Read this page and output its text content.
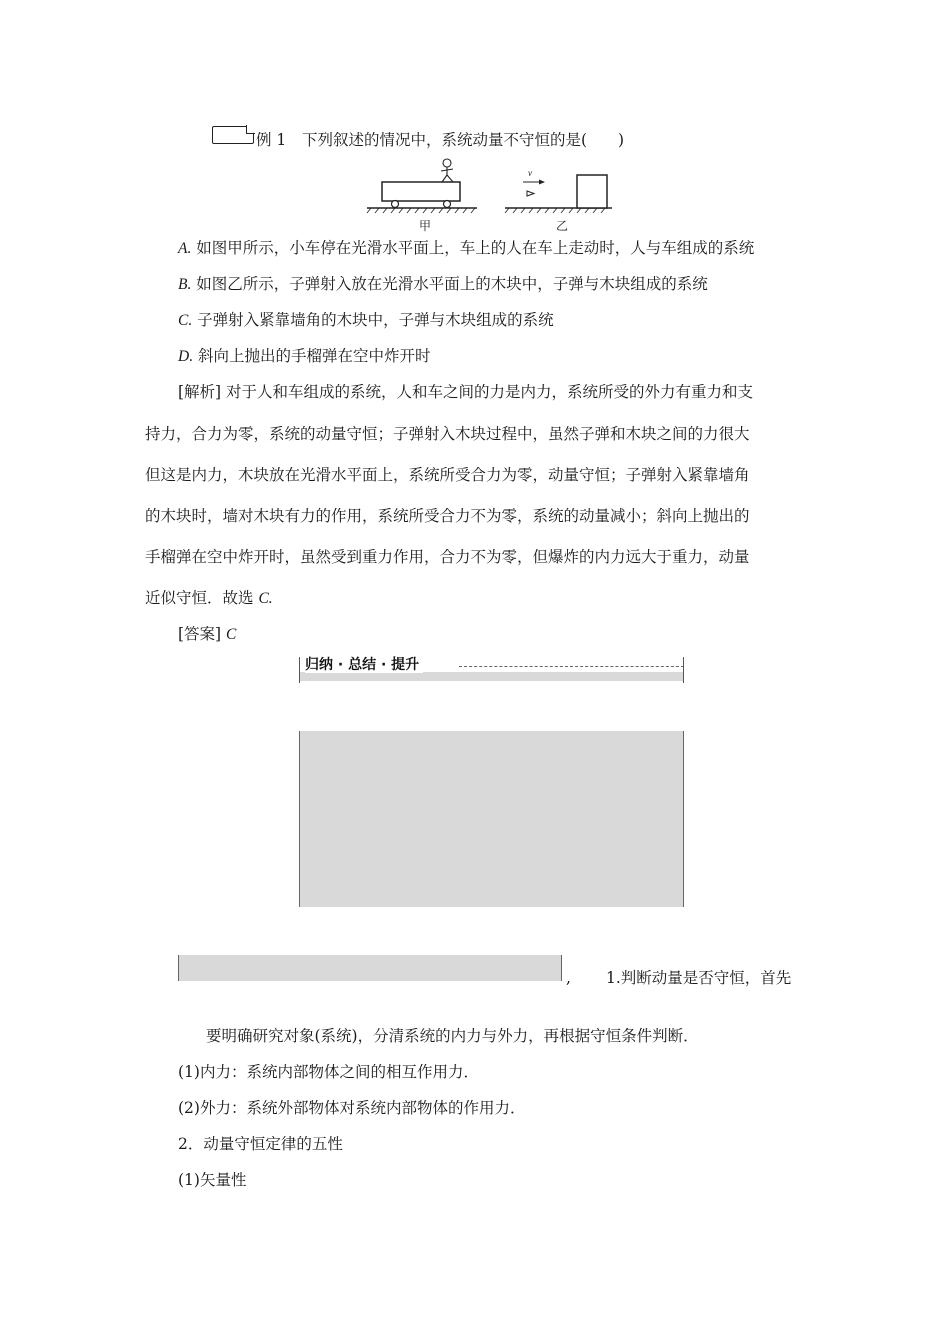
例 1 下列叙述的情况中，系统动量不守恒的是(　　)
v
甲	乙
A. 如图甲所示，小车停在光滑水平面上，车上的人在车上走动时，人与车组成的系统
B. 如图乙所示，子弹射入放在光滑水平面上的木块中，子弹与木块组成的系统
C. 子弹射入紧靠墙角的木块中，子弹与木块组成的系统
D. 斜向上抛出的手榴弹在空中炸开时
[解析] 对于人和车组成的系统，人和车之间的力是内力，系统所受的外力有重力和支
持力，合力为零，系统的动量守恒；子弹射入木块过程中，虽然子弹和木块之间的力很大
但这是内力，木块放在光滑水平面上，系统所受合力为零，动量守恒；子弹射入紧靠墙角
的木块时，墙对木块有力的作用，系统所受合力不为零，系统的动量减小；斜向上抛出的
手榴弹在空中炸开时，虽然受到重力作用，合力不为零，但爆炸的内力远大于重力，动量
近似守恒．故选 C.
[答案] C
归纳 · 总结 · 提升
, 1.判断动量是否守恒，首先
要明确研究对象(系统)，分清系统的内力与外力，再根据守恒条件判断．
(1)内力：系统内部物体之间的相互作用力．
(2)外力：系统外部物体对系统内部物体的作用力．
2．动量守恒定律的五性
(1)矢量性
